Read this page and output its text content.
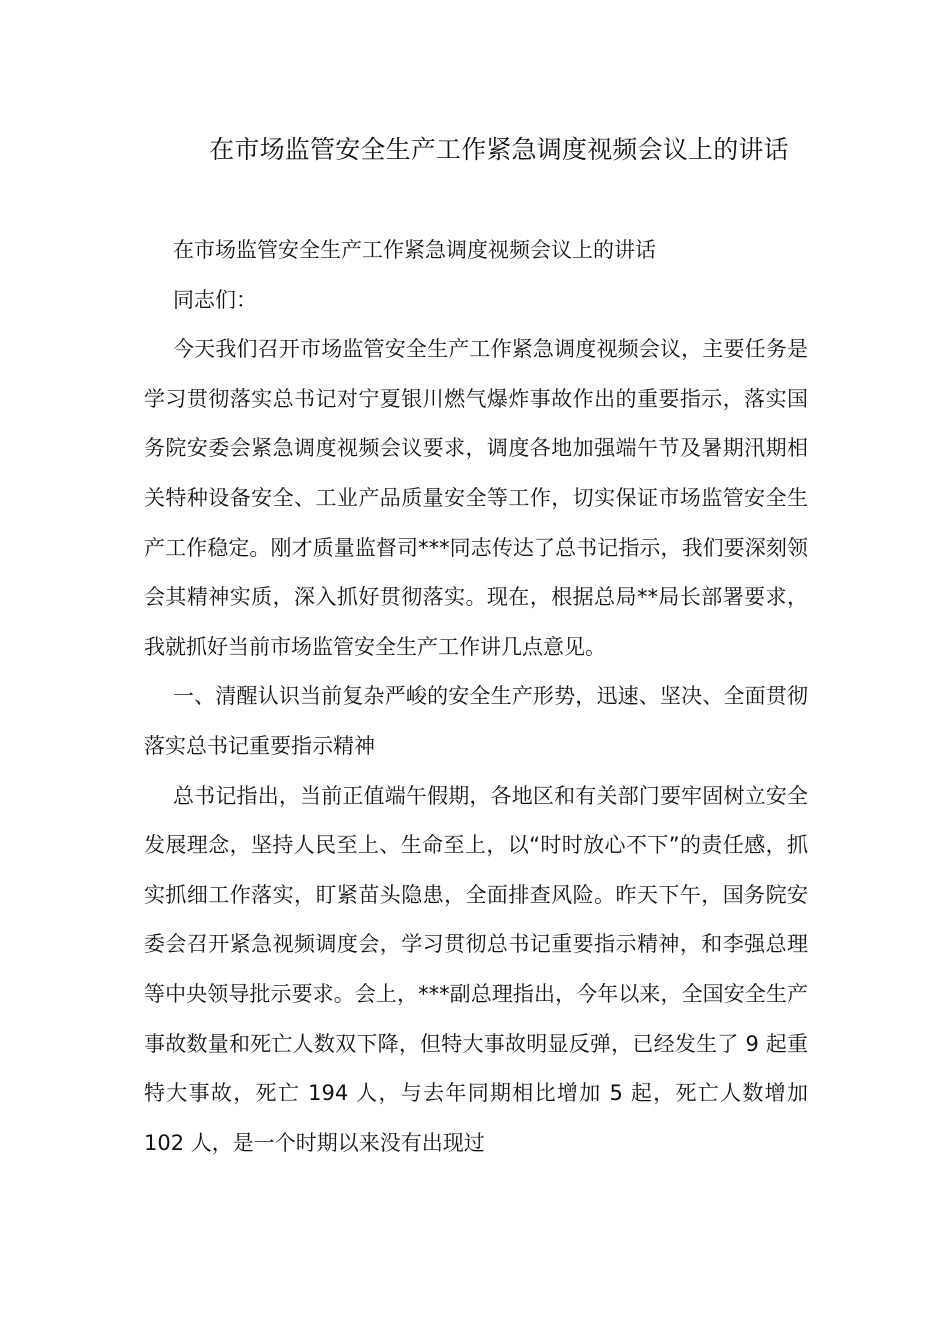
在市场监管安全生产工作紧急调度视频会议上的讲话

在市场监管安全生产工作紧急调度视频会议上的讲话

同志们：

今天我们召开市场监管安全生产工作紧急调度视频会议，主要任务是学习贯彻落实总书记对宁夏银川燃气爆炸事故作出的重要指示，落实国务院安委会紧急调度视频会议要求，调度各地加强端午节及暑期汛期相关特种设备安全、工业产品质量安全等工作，切实保证市场监管安全生产工作稳定。刚才质量监督司***同志传达了总书记指示，我们要深刻领会其精神实质，深入抓好贯彻落实。现在，根据总局**局长部署要求，我就抓好当前市场监管安全生产工作讲几点意见。

一、清醒认识当前复杂严峻的安全生产形势，迅速、坚决、全面贯彻落实总书记重要指示精神

总书记指出，当前正值端午假期，各地区和有关部门要牢固树立安全发展理念，坚持人民至上、生命至上，以“时时放心不下”的责任感，抓实抓细工作落实，盯紧苗头隐患，全面排查风险。昨天下午，国务院安委会召开紧急视频调度会，学习贯彻总书记重要指示精神，和李强总理等中央领导批示要求。会上，***副总理指出，今年以来，全国安全生产事故数量和死亡人数双下降，但特大事故明显反弹，已经发生了 9 起重特大事故，死亡 194 人，与去年同期相比增加 5 起，死亡人数增加 102 人，是一个时期以来没有出现过
